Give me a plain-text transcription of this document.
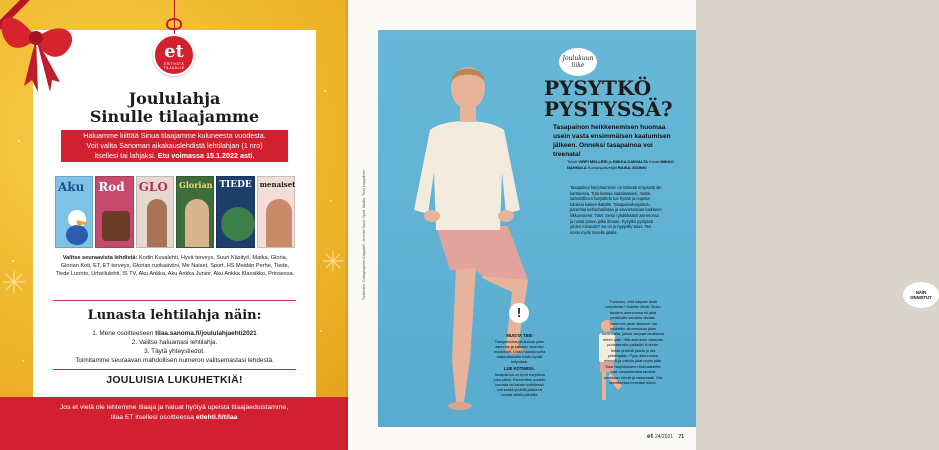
Joululahja
Sinulle tilaajamme
Haluamme kiittää Sinua tilaajamme kuluneesta vuodesta.
Voit valita Sanoman aikakauslehdistä lehtilahjan (1 nro)
itsellesi tai lahjaksi. Etu voimassa 15.1.2022 asti.
Aku Rod GLO Glorian TIEDE menaiset
Valitse seuraavista lehdistä: Kodin Kuvalehti, Hyvä terveys, Suuri Käsityö, Matka, Gloria, Glorian Koti, ET, ET terveys, Glorian ruokaäviini, Me Naiset, Sport, HS Meidän Perhe, Tiede, Tiede Luonto, Urheilulehti, IS TV, Aku Ankka, Aku Ankka Junior, Aku Ankka Klassikko, Prinsessa.
Lunasta lehtilahja näin:
1. Mene osoitteeseen tilaa.sanoma.fi/joululahjaehti2021
2. Valitse haluamasi lehtilahja.
3. Täytä yhteystiedot.
Toimitamme seuraavan mahdollisen numeron valitsemastasi lehdestä.
JOULUISIA LUKUHETKIÄ!
et
ERITYISTÄ TILAAJILLE
Jos et vielä ole lehtemme tilaaja ja haluat hyötyä upeista tilaajaeduistamme,
tilaa ET itsellesi osoitteessa etlehti.fi/tilaa
Tuotantos: Collageaperfe Kappaleli, Jennifer Sport Sport, Mallilu: Tuuli Lappalinen
Joulukuun liike
PYSYTKÖ
PYSTYSSÄ?
Tasapainon heikkenemisen huomaa usein vasta ensimmäisen kaatumisen jälkeen. Onneksi tasapainoa voi treenata!
Teksti VIRPI MELLERI ja RIIKKA ILMIVALTA Kuvat MIKKO NAHNULA Kuvauspalvelijat RAISA JOUNKI
Tasapainoi harjoittaminen on tärkeää erityisesti iän karttuessa. Tutu katoaa sadalavaiseti, mutta säännöllinen harjoittelu tuo hyvää ja nopeita tuloksia kaiken ikäisille. Tasapainoharjoittelu parantaa kehonhallintaa ja vavvartaasiaa kaikkeen liikkumiseen. Tätä: Seiso ryhdikkäästi asennossa ja nosta toinen jalka ilmaan. Pysytkö pystyssä yhden minuutin? Se on jo hyppäily-tulos. Tee nosto myös toisella jalalla.
NÄIN
ONNISTUT
et 24/2021 71
!
MUISTA TEE!
Tasapainoharjoituksissa jalan asennon ja katseen suunnan muutokset. Lisää haastavuutta vaikeuttamalla nosto hyvää helpottaa.
LUE KOTIMISA.
Tasapainoa on hyvä harjoittaa joka päivä. Esimerkiksi puhelin korvalla tai kahvin keittäessä voit seistä yhdellä jalalla tai nousta välillä päkiöille.
Tuntuuko, että kaipaat lisää harjoitusta? Kokeile lähtä: Seiso tandem-asennossa eli jalat peräkkäin samalla viivalla. Tasennon jalan siksoner vai hoidettiin alunmuotaa jalan tuntemalla, jolloin varpaat osoittavat eteen päin. Sitä asentoon vakautta puhtaamalla paikalla! Kokeile: Seiso yhdellä jalalla ja ota pidempään, Pysy asennossa minuutti ja vaihda jalat nopin päin. Saat harjoitukseen lisähaastetta käsi varauttamalla tavoitat suuntaan silmät ja vaaamaali. Ota tarvittaessa keveästi tukea.
